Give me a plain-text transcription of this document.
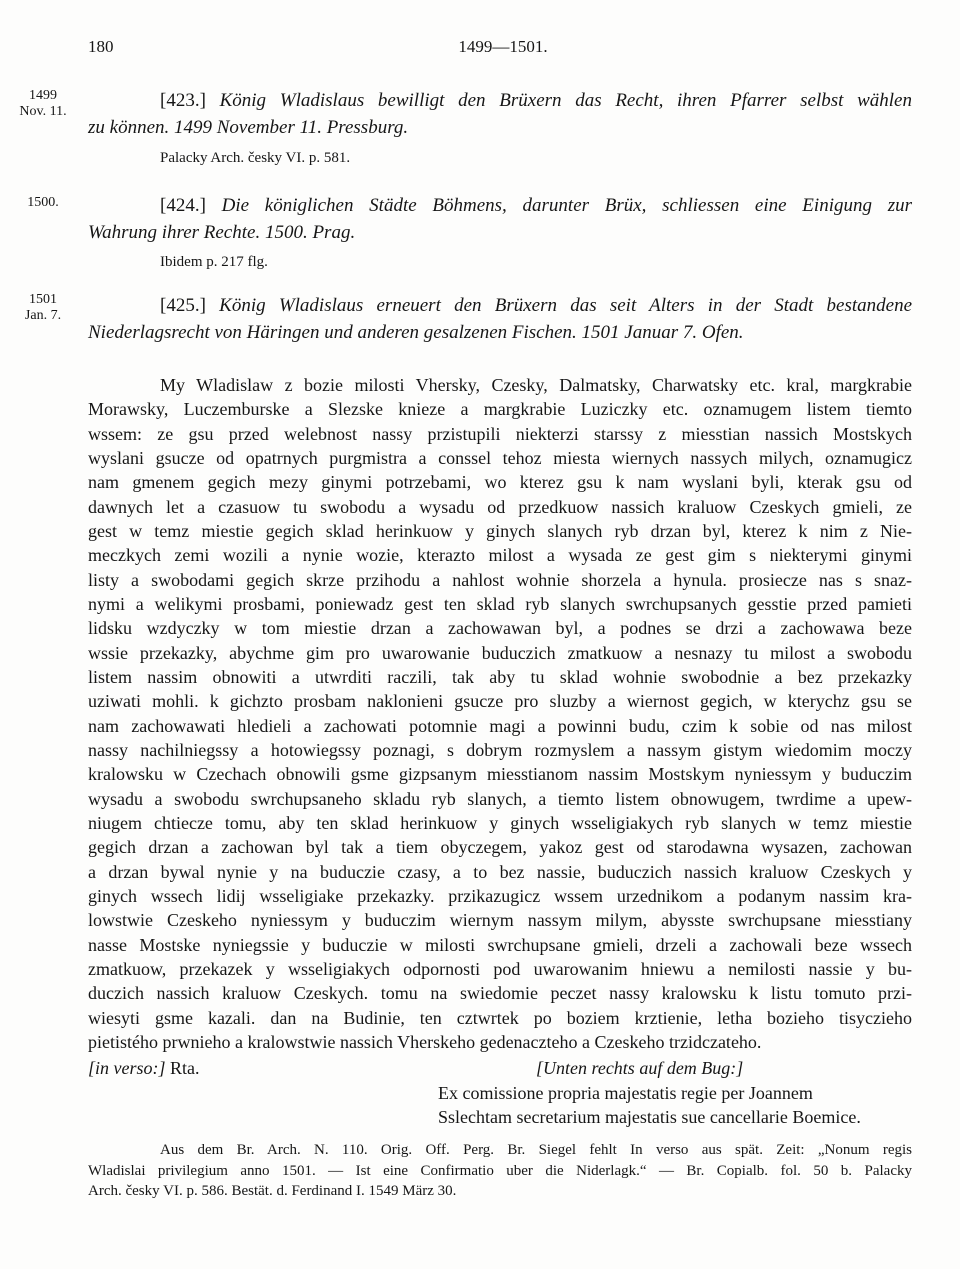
180	1499—1501.
1499
Nov. 11.
[423.] König Wladislaus bewilligt den Brüxern das Recht, ihren Pfarrer selbst wählen
zu können. 1499 November 11. Pressburg.
Palacky Arch. česky VI. p. 581.
1500.	[424.] Die königlichen Städte Böhmens, darunter Brüx, schliessen eine Einigung zur
Wahrung ihrer Rechte. 1500. Prag.
Ibidem p. 217 flg.
1501
Jan. 7.	[425.] König Wladislaus erneuert den Brüxern das seit Alters in der Stadt bestandene
Niederlagsrecht von Häringen und anderen gesalzenen Fischen. 1501 Januar 7. Ofen.
My Wladislaw z bozie milosti Vhersky, Czesky, Dalmatsky, Charwatsky etc. kral, margkrabie
Morawsky, Luczemburske a Slezske knieze a margkrabie Luziczky etc. oznamugem listem tiemto
wssem: ze gsu przed welebnost nassy przistupili niekterzi starssy z miesstian nassich Mostskych
wyslani gsucze od opatrnych purgmistra a conssel tehoz miesta wiernych nassych milych, oznamugicz
nam gmenem gegich mezy ginymi potrzebami, wo kterez gsu k nam wyslani byli, kterak gsu od
dawnych let a czasuow tu swobodu a wysadu od przedkuow nassich kraluow Czeskych gmieli, ze
gest w temz miestie gegich sklad herinkuow y ginych slanych ryb drzan byl, kterez k nim z Nie-
meczkych zemi wozili a nynie wozie, kterazto milost a wysada ze gest gim s niekterymi ginymi
listy a swobodami gegich skrze przihodu a nahlost wohnie shorzela a hynula. prosiecze nas s snaz-
nymi a welikymi prosbami, poniewadz gest ten sklad ryb slanych swrchupsanych gesstie przed pamieti
lidsku wzdyczky w tom miestie drzan a zachowawan byl, a podnes se drzi a zachowawa beze
wssie przekazky, abychme gim pro uwarowanie buduczich zmatkuow a nesnazy tu milost a swobodu
listem nassim obnowiti a utwrditi raczili, tak aby tu sklad wohnie swobodnie a bez przekazky
uziwati mohli. k gichzto prosbam naklonieni gsucze pro sluzby a wiernost gegich, w kterychz gsu se
nam zachowawati hledieli a zachowati potomnie magi a powinni budu, czim k sobie od nas milost
nassy nachilniegssy a hotowiegssy poznagi, s dobrym rozmyslem a nassym gistym wiedomim moczy
kralowsku w Czechach obnowili gsme gizpsanym miesstianom nassim Mostskym nyniessym y buduczim
wysadu a swobodu swrchupsaneho skladu ryb slanych, a tiemto listem obnowugem, twrdime a upew-
niugem chtiecze tomu, aby ten sklad herinkuow y ginych wsseligiakych ryb slanych w temz miestie
gegich drzan a zachowan byl tak a tiem obyczegem, yakoz gest od starodawna wysazen, zachowan
a drzan bywal nynie y na buduczie czasy, a to bez nassie, buduczich nassich kraluow Czeskych y
ginych wssech lidij wsseligiake przekazky. przikazugicz wssem urzednikom a podanym nassim kra-
lowstwie Czeskeho nyniessym y buduczim wiernym nassym milym, abysste swrchupsane miesstiany
nasse Mostske nyniegssie y buduczie w milosti swrchupsane gmieli, drzeli a zachowali beze wssech
zmatkuow, przekazek y wsseligiakych odpornosti pod uwarowanim hniewu a nemilosti nassie y bu-
duczich nassich kraluow Czeskych. tomu na swiedomie peczet nassy kralowsku k listu tomuto przi-
wiesyti gsme kazali. dan na Budinie, ten cztwrtek po boziem krztienie, letha bozieho tisyczieho
pietistého prwnieho a kralowstwie nassich Vherskeho gedenaczteho a Czeskeho trzidczateho.
[in verso:] Rta.	[Unten rechts auf dem Bug:]
Ex comissione propria majestatis regie per Joannem
Sslechtam secretarium majestatis sue cancellarie Boemice.
Aus dem Br. Arch. N. 110. Orig. Off. Perg. Br. Siegel fehlt In verso aus spät. Zeit: „Nonum regis
Wladislai privilegium anno 1501. — Ist eine Confirmatio uber die Niderlagk.“ — Br. Copialb. fol. 50 b. Palacky
Arch. česky VI. p. 586. Bestät. d. Ferdinand I. 1549 März 30.
